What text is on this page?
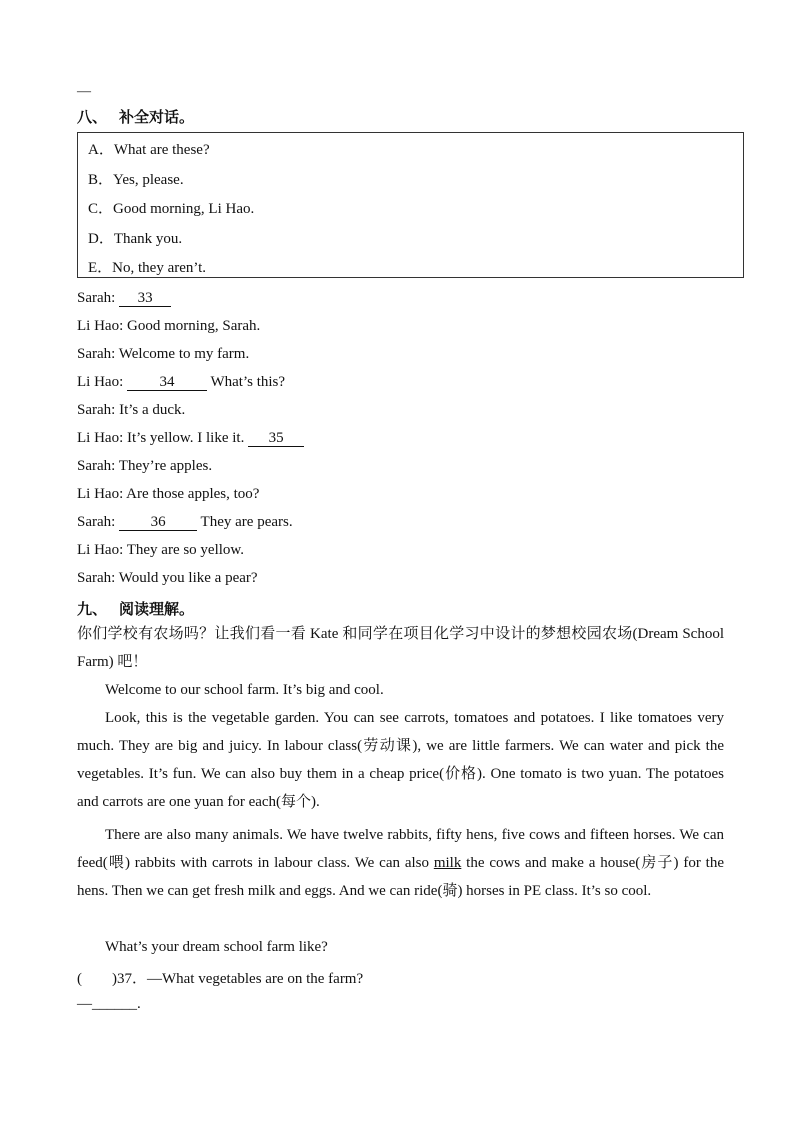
—
八、 补全对话。
A．What are these?
B．Yes, please.
C．Good morning, Li Hao.
D．Thank you.
E．No, they aren’t.
Sarah: 33
Li Hao: Good morning, Sarah.
Sarah: Welcome to my farm.
Li Hao: 34 What’s this?
Sarah: It’s a duck.
Li Hao: It’s yellow. I like it. 35
Sarah: They’re apples.
Li Hao: Are those apples, too?
Sarah: 36 They are pears.
Li Hao: They are so yellow.
Sarah: Would you like a pear?
九、 阅读理解。
你们学校有农场吗？让我们看一看 Kate 和同学在项目化学习中设计的梦想校园农场(Dream School Farm) 吧！
Welcome to our school farm. It’s big and cool.
Look, this is the vegetable garden. You can see carrots, tomatoes and potatoes. I like tomatoes very much. They are big and juicy. In labour class(劳动课), we are little farmers. We can water and pick the vegetables. It’s fun. We can also buy them in a cheap price(价格). One tomato is two yuan. The potatoes and carrots are one yuan for each(每个).
There are also many animals. We have twelve rabbits, fifty hens, five cows and fifteen horses. We can feed(喂) rabbits with carrots in labour class. We can also milk the cows and make a house(房子) for the hens. Then we can get fresh milk and eggs. And we can ride(骑) horses in PE class. It’s so cool.
What’s your dream school farm like?
(        )37．—What vegetables are on the farm?
—______.
